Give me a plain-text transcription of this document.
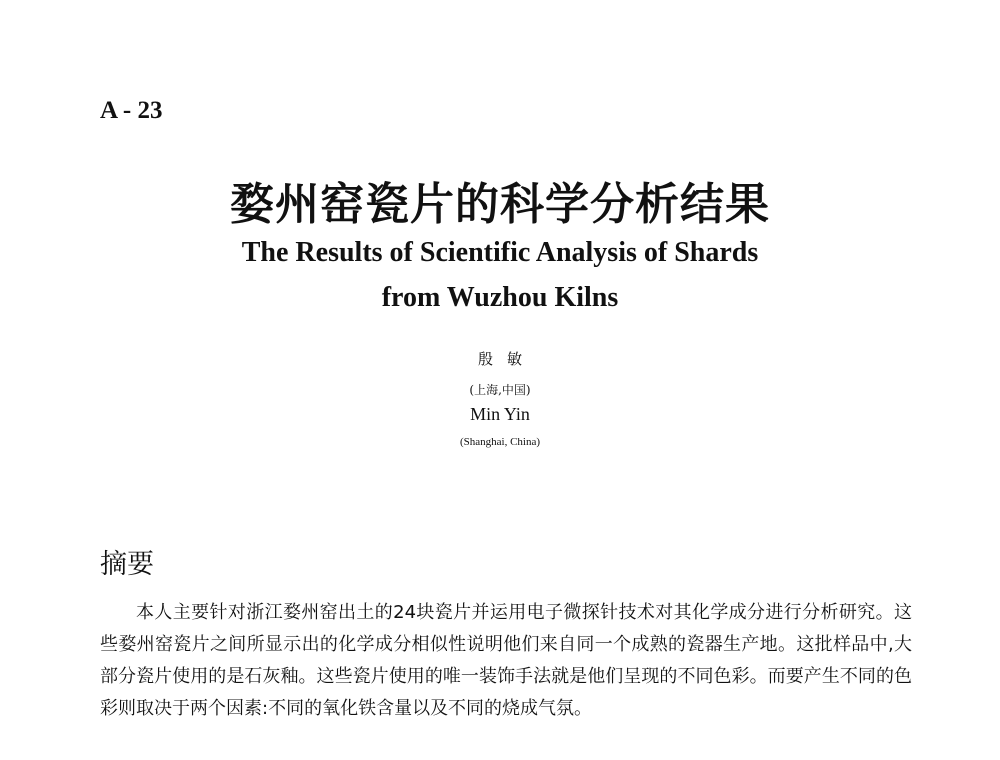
A - 23
婺州窑瓷片的科学分析结果
The Results of Scientific Analysis of Shards
from Wuzhou Kilns
殷敏
(上海,中国)
Min Yin
(Shanghai, China)
摘要

本人主要针对浙江婺州窑出土的24块瓷片并运用电子微探针技术对其化学成分进行分析研究。这些婺州窑瓷片之间所显示出的化学成分相似性说明他们来自同一个成熟的瓷器生产地。这批样品中,大部分瓷片使用的是石灰釉。这些瓷片使用的唯一装饰手法就是他们呈现的不同色彩。而要产生不同的色彩则取决于两个因素:不同的氧化铁含量以及不同的烧成气氛。
